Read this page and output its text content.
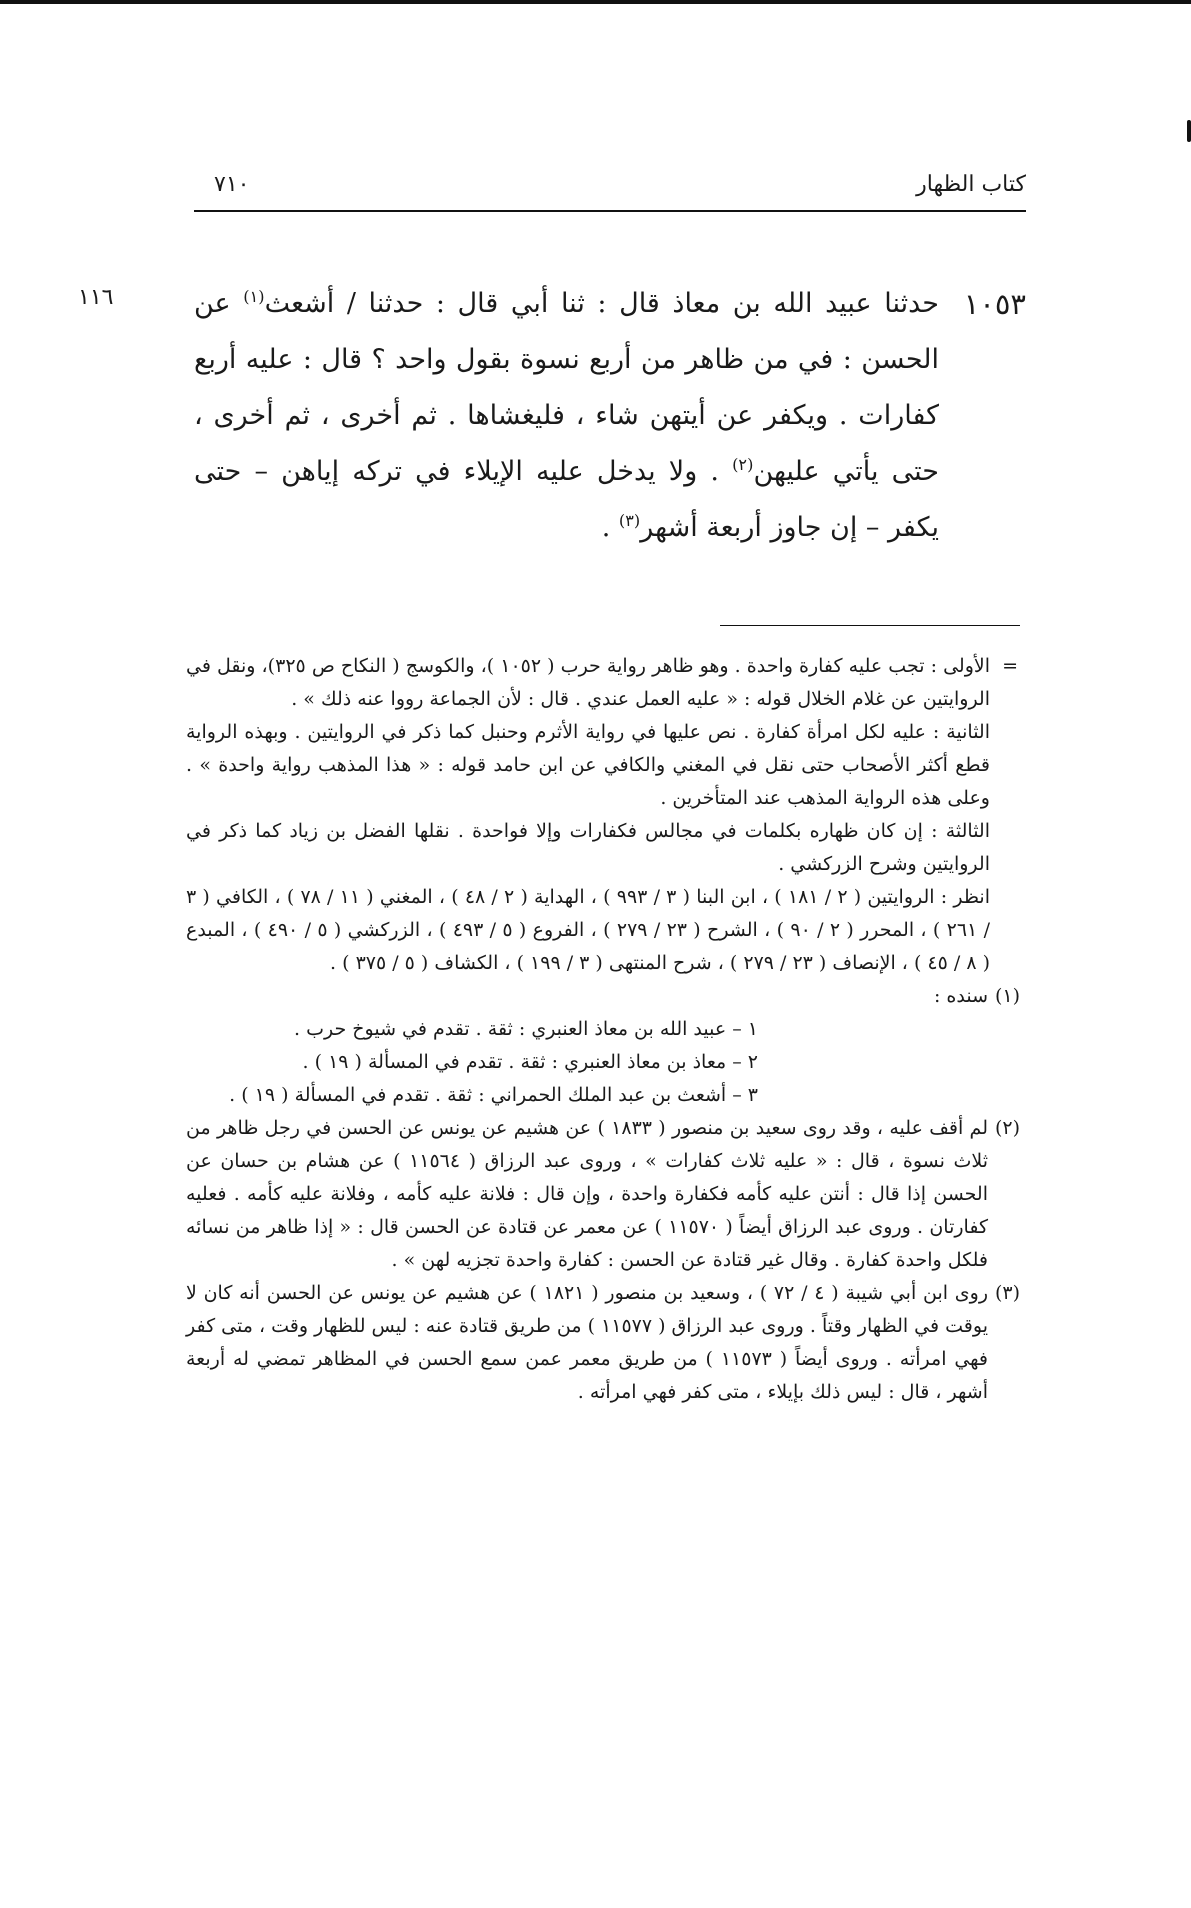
كتاب الظهار
٧١٠
١١٦	١٠٥٣
حدثنا عبيد الله بن معاذ قال : ثنا أبي قال : حدثنا / أشعث$^{(١)}$ عن الحسن : في من ظاهر من أربع نسوة بقول واحد ؟ قال : عليه أربع كفارات . ويكفر عن أيتهن شاء ، فليغشاها . ثم أخرى ، ثم أخرى ، حتى يأتي عليهن$^{(٢)}$ . ولا يدخل عليه الإيلاء في تركه إياهن – حتى يكفر – إن جاوز أربعة أشهر$^{(٣)}$ .
=

الأولى : تجب عليه كفارة واحدة . وهو ظاهر رواية حرب ( ١٠٥٢ )، والكوسج ( النكاح ص ٣٢٥)، ونقل في الروايتين عن غلام الخلال قوله : « عليه العمل عندي . قال : لأن الجماعة رووا عنه ذلك » .

الثانية : عليه لكل امرأة كفارة . نص عليها في رواية الأثرم وحنبل كما ذكر في الروايتين . وبهذه الرواية قطع أكثر الأصحاب حتى نقل في المغني والكافي عن ابن حامد قوله : « هذا المذهب رواية واحدة » . وعلى هذه الرواية المذهب عند المتأخرين .

الثالثة : إن كان ظهاره بكلمات في مجالس فكفارات وإلا فواحدة . نقلها الفضل بن زياد كما ذكر في الروايتين وشرح الزركشي .

انظر : الروايتين ( ٢ / ١٨١ ) ، ابن البنا ( ٣ / ٩٩٣ ) ، الهداية ( ٢ / ٤٨ ) ، المغني ( ١١ / ٧٨ ) ، الكافي ( ٣ / ٢٦١ ) ، المحرر ( ٢ / ٩٠ ) ، الشرح ( ٢٣ / ٢٧٩ ) ، الفروع ( ٥ / ٤٩٣ ) ، الزركشي ( ٥ / ٤٩٠ ) ، المبدع ( ٨ / ٤٥ ) ، الإنصاف ( ٢٣ / ٢٧٩ ) ، شرح المنتهى ( ٣ / ١٩٩ ) ، الكشاف ( ٥ / ٣٧٥ ) .

(١)

سنده :

١ – عبيد الله بن معاذ العنبري : ثقة . تقدم في شيوخ حرب .

٢ – معاذ بن معاذ العنبري : ثقة . تقدم في المسألة ( ١٩ ) .

٣ – أشعث بن عبد الملك الحمراني : ثقة . تقدم في المسألة ( ١٩ ) .

(٢)

لم أقف عليه ، وقد روى سعيد بن منصور ( ١٨٣٣ ) عن هشيم عن يونس عن الحسن في رجل ظاهر من ثلاث نسوة ، قال : « عليه ثلاث كفارات » ، وروى عبد الرزاق ( ١١٥٦٤ ) عن هشام بن حسان عن الحسن إذا قال : أنتن عليه كأمه فكفارة واحدة ، وإن قال : فلانة عليه كأمه ، وفلانة عليه كأمه . فعليه كفارتان . وروى عبد الرزاق أيضاً ( ١١٥٧٠ ) عن معمر عن قتادة عن الحسن قال : « إذا ظاهر من نسائه فلكل واحدة كفارة . وقال غير قتادة عن الحسن : كفارة واحدة تجزيه لهن » .

(٣)

روى ابن أبي شيبة ( ٤ / ٧٢ ) ، وسعيد بن منصور ( ١٨٢١ ) عن هشيم عن يونس عن الحسن أنه كان لا يوقت في الظهار وقتاً . وروى عبد الرزاق ( ١١٥٧٧ ) من طريق قتادة عنه : ليس للظهار وقت ، متى كفر فهي امرأته . وروى أيضاً ( ١١٥٧٣ ) من طريق معمر عمن سمع الحسن في المظاهر تمضي له أربعة أشهر ، قال : ليس ذلك بإيلاء ، متى كفر فهي امرأته .
